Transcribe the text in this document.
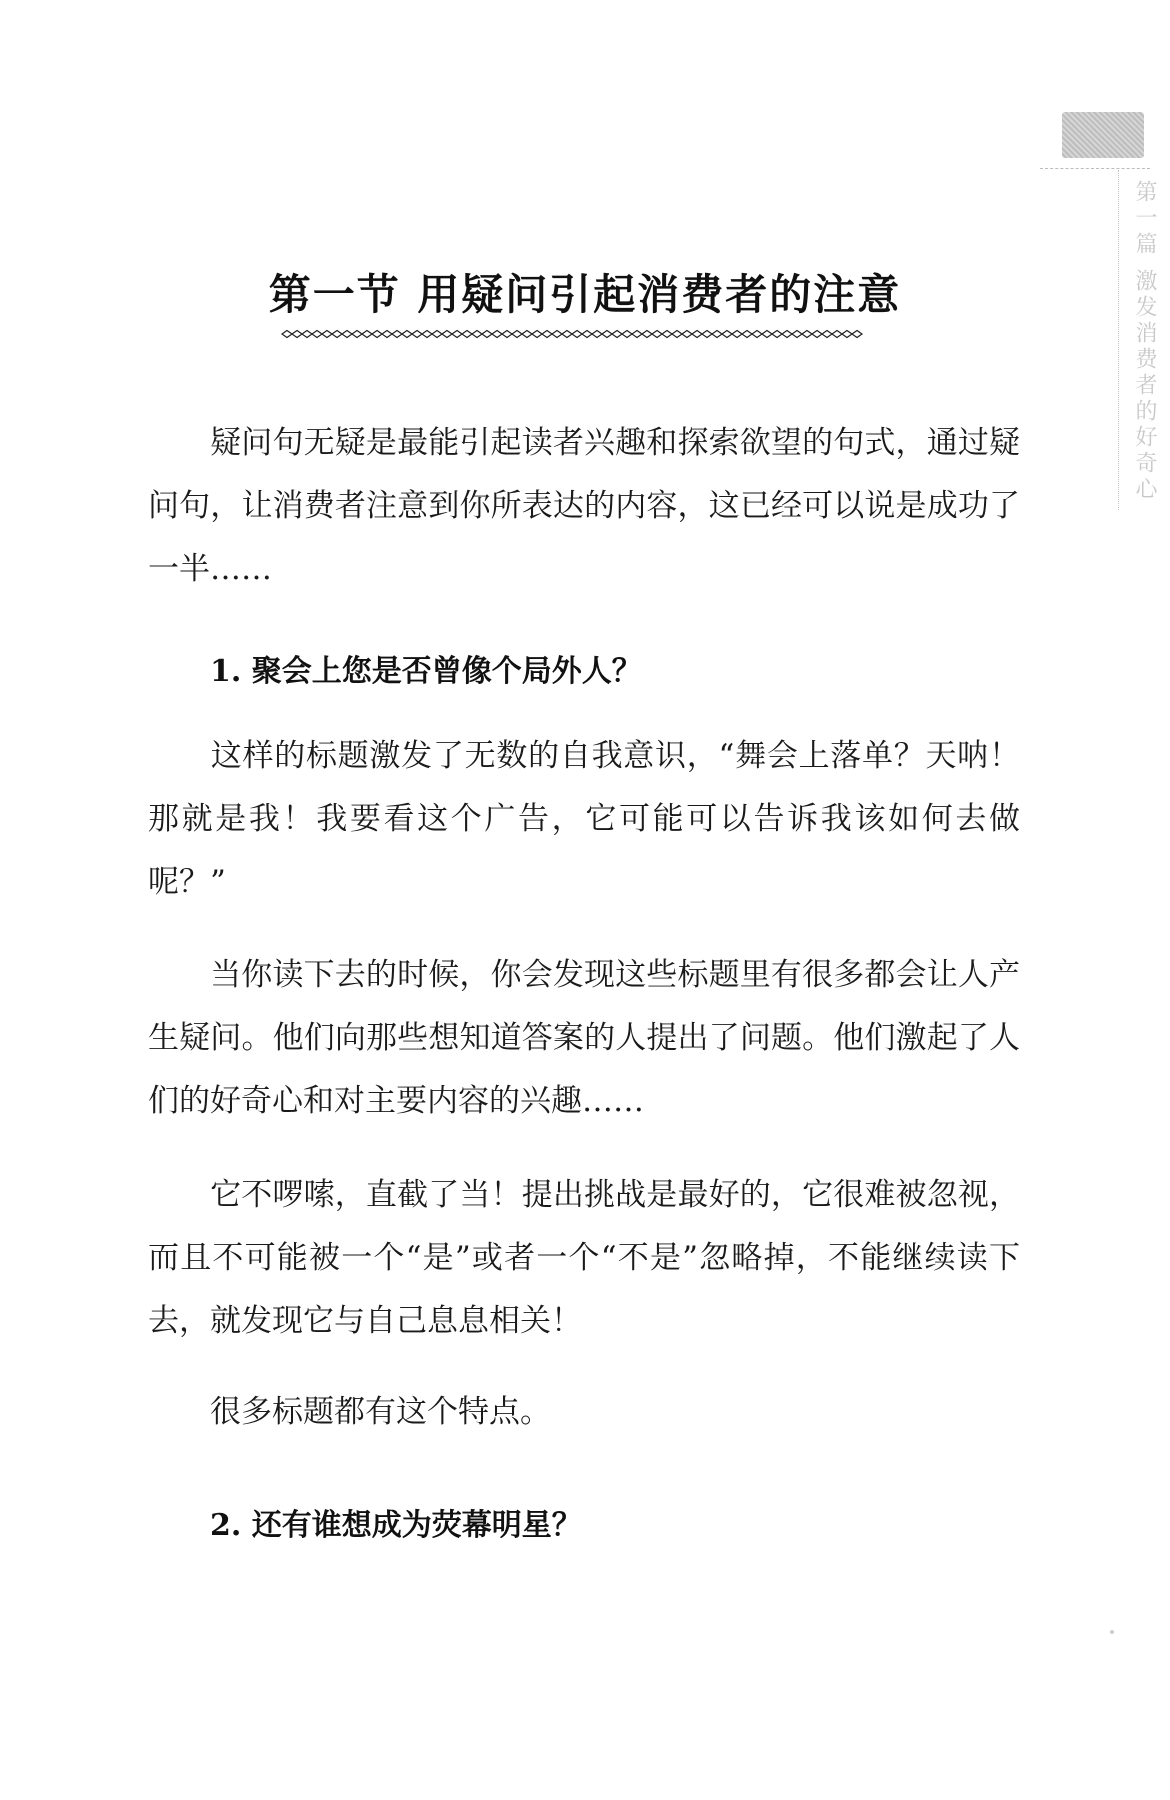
第一篇 激发消费者的好奇心
第一节 用疑问引起消费者的注意

疑问句无疑是最能引起读者兴趣和探索欲望的句式，通过疑问句，让消费者注意到你所表达的内容，这已经可以说是成功了一半……

1. 聚会上您是否曾像个局外人？

这样的标题激发了无数的自我意识，“舞会上落单？天呐！那就是我！我要看这个广告，它可能可以告诉我该如何去做呢？”

当你读下去的时候，你会发现这些标题里有很多都会让人产生疑问。他们向那些想知道答案的人提出了问题。他们激起了人们的好奇心和对主要内容的兴趣……

它不啰嗦，直截了当！提出挑战是最好的，它很难被忽视，而且不可能被一个“是”或者一个“不是”忽略掉，不能继续读下去，就发现它与自己息息相关！

很多标题都有这个特点。

2. 还有谁想成为荧幕明星？
